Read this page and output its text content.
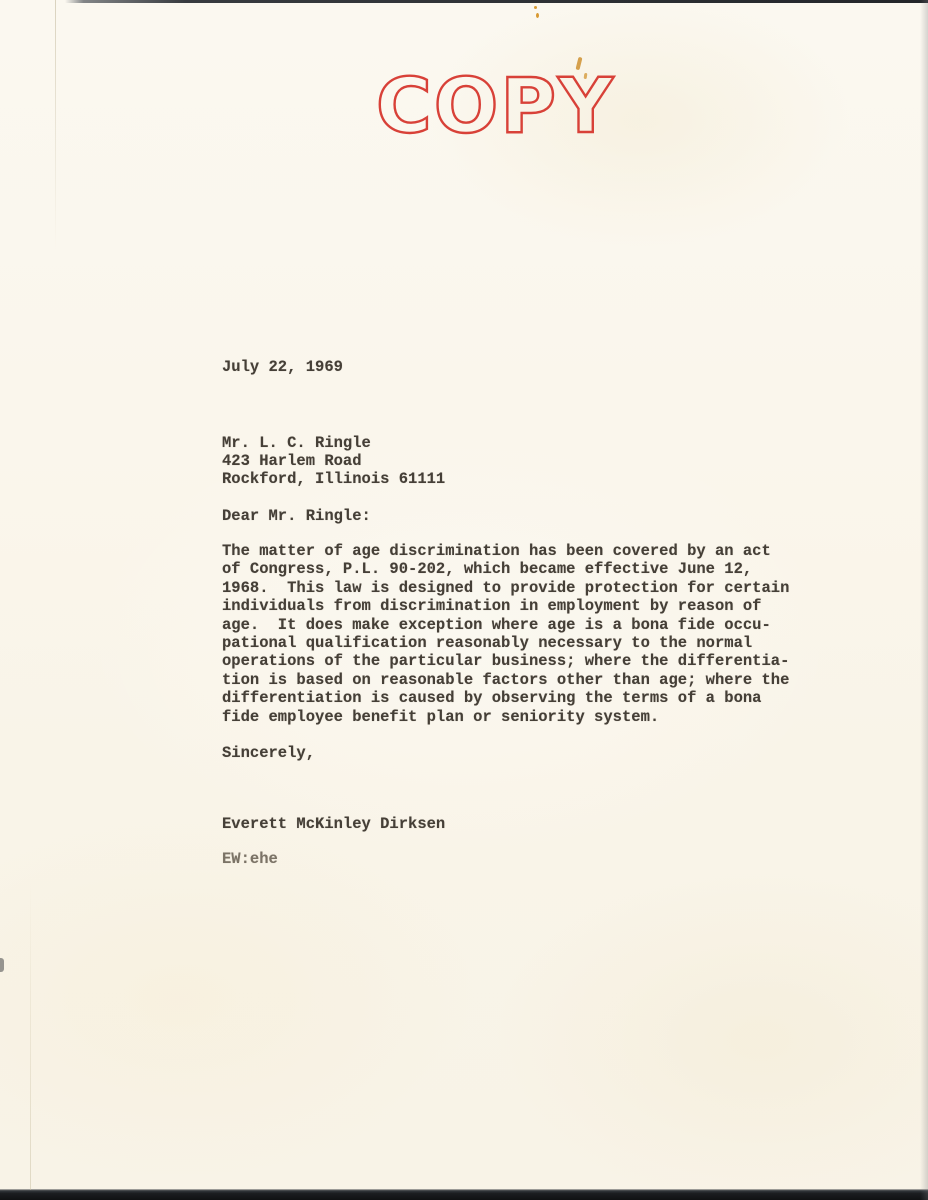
COPY
July 22, 1969
Mr. L. C. Ringle
423 Harlem Road
Rockford, Illinois 61111
Dear Mr. Ringle:
The matter of age discrimination has been covered by an act
of Congress, P.L. 90-202, which became effective June 12,
1968.  This law is designed to provide protection for certain
individuals from discrimination in employment by reason of
age.  It does make exception where age is a bona fide occu-
pational qualification reasonably necessary to the normal
operations of the particular business; where the differentia-
tion is based on reasonable factors other than age; where the
differentiation is caused by observing the terms of a bona
fide employee benefit plan or seniority system.
Sincerely,
Everett McKinley Dirksen
EW:ehe
